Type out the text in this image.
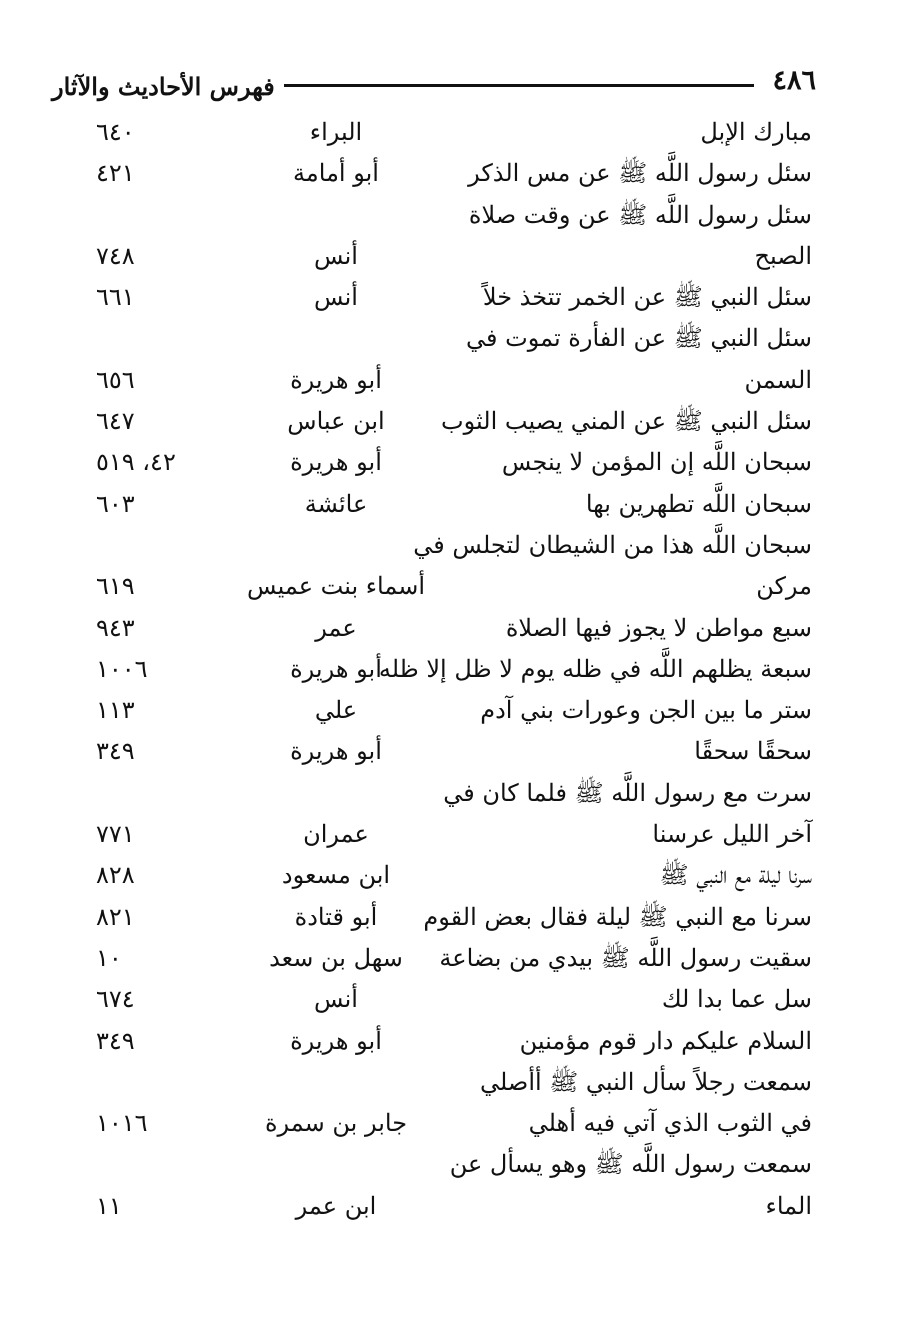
٤٨٦
فهرس الأحاديث والآثار
مبارك الإبل
البراء
٦٤٠
سئل رسول اللَّه ﷺ عن مس الذكر
أبو أمامة
٤٢١
سئل رسول اللَّه ﷺ عن وقت صلاة
الصبح
أنس
٧٤٨
سئل النبي ﷺ عن الخمر تتخذ خلاً
أنس
٦٦١
سئل النبي ﷺ عن الفأرة تموت في
السمن
أبو هريرة
٦٥٦
سئل النبي ﷺ عن المني يصيب الثوب
ابن عباس
٦٤٧
سبحان اللَّه إن المؤمن لا ينجس
أبو هريرة
٤٢، ٥١٩
سبحان اللَّه تطهرين بها
عائشة
٦٠٣
سبحان اللَّه هذا من الشيطان لتجلس في
مركن
أسماء بنت عميس
٦١٩
سبع مواطن لا يجوز فيها الصلاة
عمر
٩٤٣
سبعة يظلهم اللَّه في ظله يوم لا ظل إلا ظله
أبو هريرة
١٠٠٦
ستر ما بين الجن وعورات بني آدم
علي
١١٣
سحقًا سحقًا
أبو هريرة
٣٤٩
سرت مع رسول اللَّه ﷺ فلما كان في
آخر الليل عرسنا
عمران
٧٧١
سرنا ليلة مع النبي ﷺ
ابن مسعود
٨٢٨
سرنا مع النبي ﷺ ليلة فقال بعض القوم
أبو قتادة
٨٢١
سقيت رسول اللَّه ﷺ بيدي من بضاعة
سهل بن سعد
١٠
سل عما بدا لك
أنس
٦٧٤
السلام عليكم دار قوم مؤمنين
أبو هريرة
٣٤٩
سمعت رجلاً سأل النبي ﷺ أأصلي
في الثوب الذي آتي فيه أهلي
جابر بن سمرة
١٠١٦
سمعت رسول اللَّه ﷺ وهو يسأل عن
الماء
ابن عمر
١١
